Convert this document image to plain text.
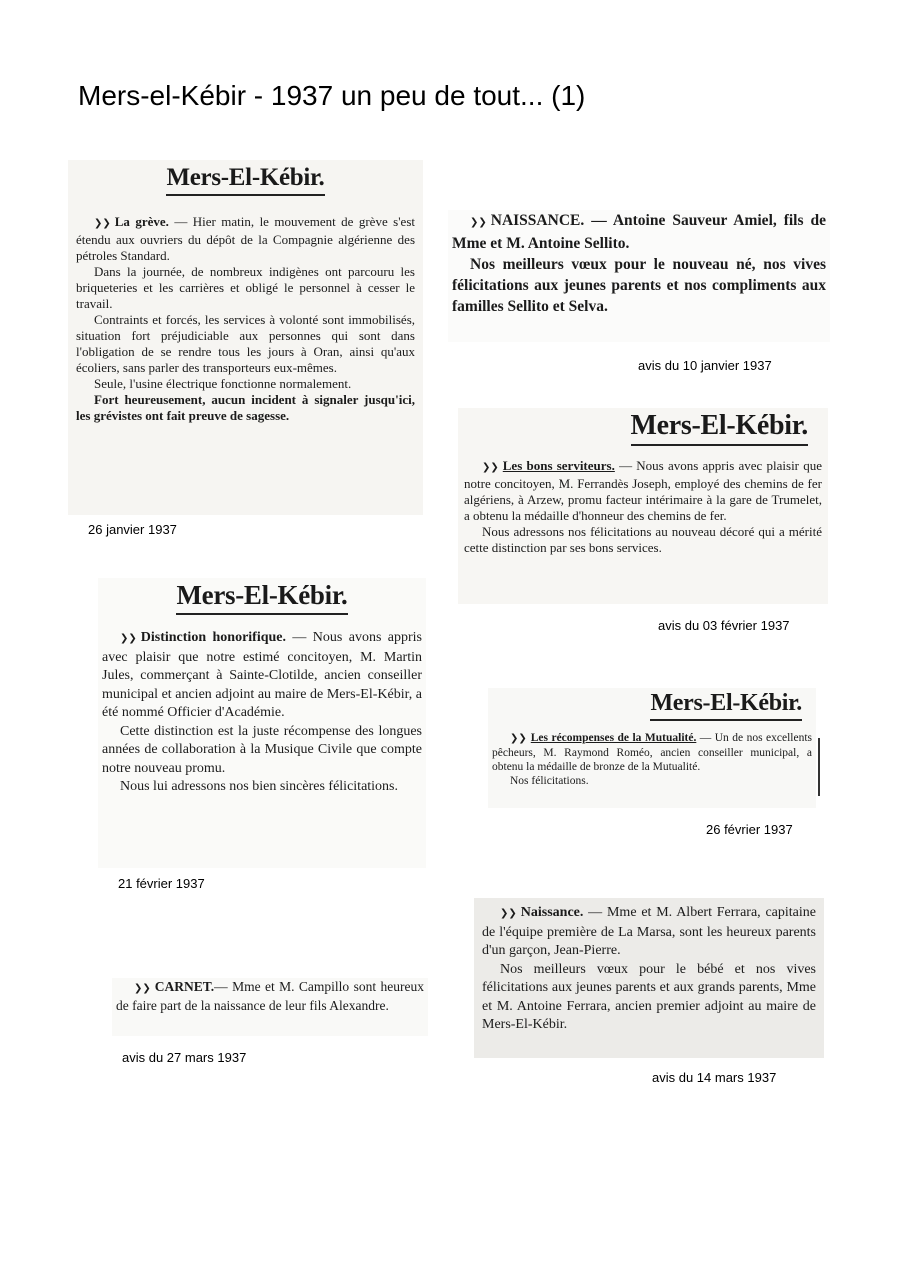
Mers-el-Kébir - 1937 un peu de tout... (1)
Mers-El-Kébir.

❯❯ La grève. — Hier matin, le mouvement de grève s'est étendu aux ouvriers du dépôt de la Compagnie algérienne des pétroles Standard.

Dans la journée, de nombreux indigènes ont parcouru les briqueteries et les carrières et obligé le personnel à cesser le travail.

Contraints et forcés, les services à volonté sont immobilisés, situation fort préjudiciable aux personnes qui sont dans l'obligation de se rendre tous les jours à Oran, ainsi qu'aux écoliers, sans parler des transporteurs eux-mêmes.

Seule, l'usine électrique fonctionne normalement.

Fort heureusement, aucun incident à signaler jusqu'ici, les grévistes ont fait preuve de sagesse.

26 janvier 1937
Mers-El-Kébir.

❯❯ Distinction honorifique. — Nous avons appris avec plaisir que notre estimé concitoyen, M. Martin Jules, commerçant à Sainte-Clotilde, ancien conseiller municipal et ancien adjoint au maire de Mers-El-Kébir, a été nommé Officier d'Académie.

Cette distinction est la juste récompense des longues années de collaboration à la Musique Civile que compte notre nouveau promu.

Nous lui adressons nos bien sincères félicitations.

21 février 1937

❯❯ CARNET.— Mme et M. Campillo sont heureux de faire part de la naissance de leur fils Alexandre.

avis du 27 mars 1937

❯❯ NAISSANCE. — Antoine Sauveur Amiel, fils de Mme et M. Antoine Sellito.

Nos meilleurs vœux pour le nouveau né, nos vives félicitations aux jeunes parents et nos compliments aux familles Sellito et Selva.

avis du 10 janvier 1937
Mers-El-Kébir.

❯❯ Les bons serviteurs. — Nous avons appris avec plaisir que notre concitoyen, M. Ferrandès Joseph, employé des chemins de fer algériens, à Arzew, promu facteur intérimaire à la gare de Trumelet, a obtenu la médaille d'honneur des chemins de fer.

Nous adressons nos félicitations au nouveau décoré qui a mérité cette distinction par ses bons services.

avis du 03 février 1937
Mers-El-Kébir.

❯❯ Les récompenses de la Mutualité. — Un de nos excellents pêcheurs, M. Raymond Roméo, ancien conseiller municipal, a obtenu la médaille de bronze de la Mutualité.

Nos félicitations.

26 février 1937

❯❯ Naissance. — Mme et M. Albert Ferrara, capitaine de l'équipe première de La Marsa, sont les heureux parents d'un garçon, Jean-Pierre.

Nos meilleurs vœux pour le bébé et nos vives félicitations aux jeunes parents et aux grands parents, Mme et M. Antoine Ferrara, ancien premier adjoint au maire de Mers-El-Kébir.

avis du 14 mars 1937
